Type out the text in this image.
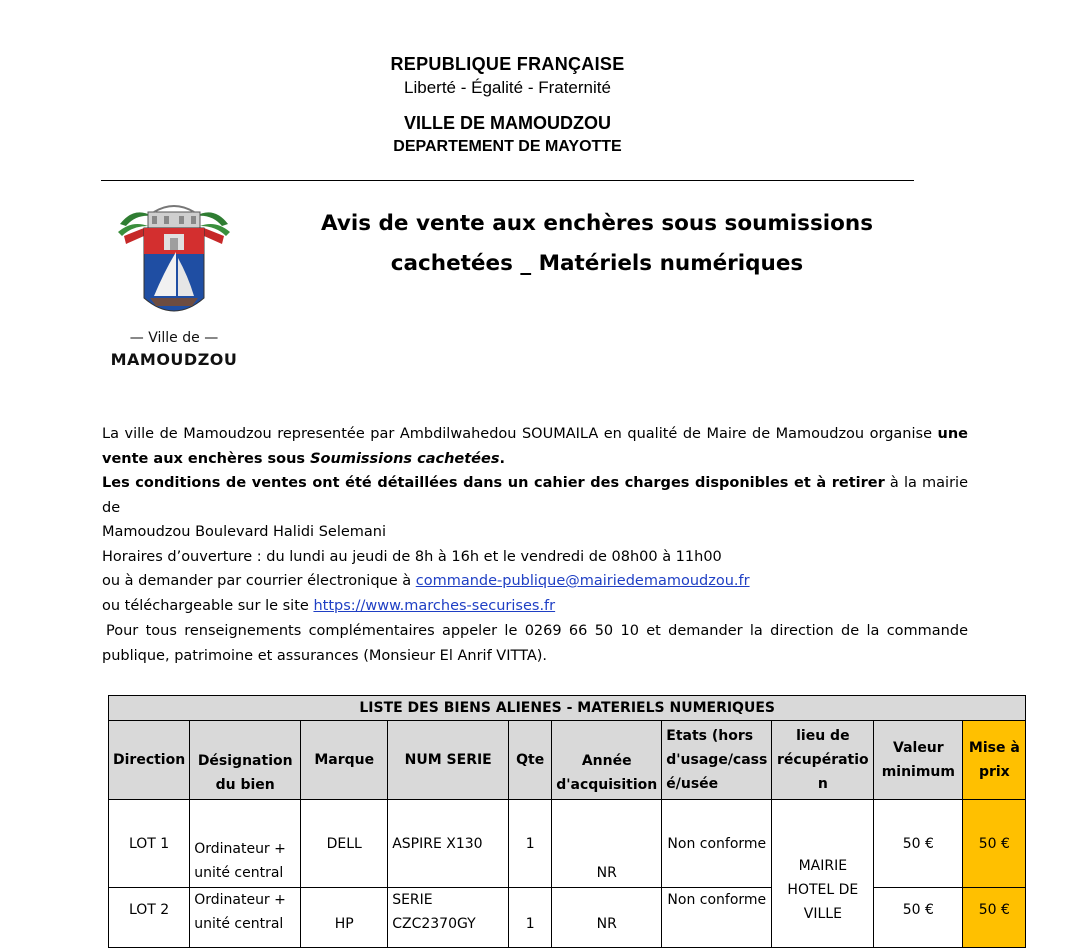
REPUBLIQUE FRANÇAISE
Liberté - Égalité - Fraternité
VILLE DE MAMOUDZOU
DEPARTEMENT DE MAYOTTE
— Ville de —
MAMOUDZOU
Avis de vente aux enchères sous soumissions
cachetées _ Matériels numériques
La ville de Mamoudzou representée par Ambdilwahedou SOUMAILA en qualité de Maire de Mamoudzou organise une
vente aux enchères sous Soumissions cachetées.
Les conditions de ventes ont été détaillées dans un cahier des charges disponibles et à retirer à la mairie de
Mamoudzou Boulevard Halidi Selemani
Horaires d’ouverture : du lundi au jeudi de 8h à 16h et le vendredi de 08h00 à 11h00
ou à demander par courrier électronique à commande-publique@mairiedemamoudzou.fr
ou téléchargeable sur le site https://www.marches-securises.fr
Pour tous renseignements complémentaires appeler le 0269 66 50 10 et demander la direction de la commande
publique, patrimoine et assurances (Monsieur El Anrif VITTA).
LISTE DES BIENS ALIENES - MATERIELS NUMERIQUES									
Direction	Désignation du bien	Marque	NUM SERIE	Qte	Année d'acquisition	Etats (hors d'usage/cass é/usée	lieu de récupératio n	Valeur minimum	Mise à prix
LOT 1	Ordinateur + unité central	DELL	ASPIRE X130	1	NR	Non conforme	MAIRIE HOTEL DE VILLE	50 €	50 €
LOT 2	Ordinateur + unité central	HP	SERIE CZC2370GY	1	NR	Non conforme		50 €	50 €
